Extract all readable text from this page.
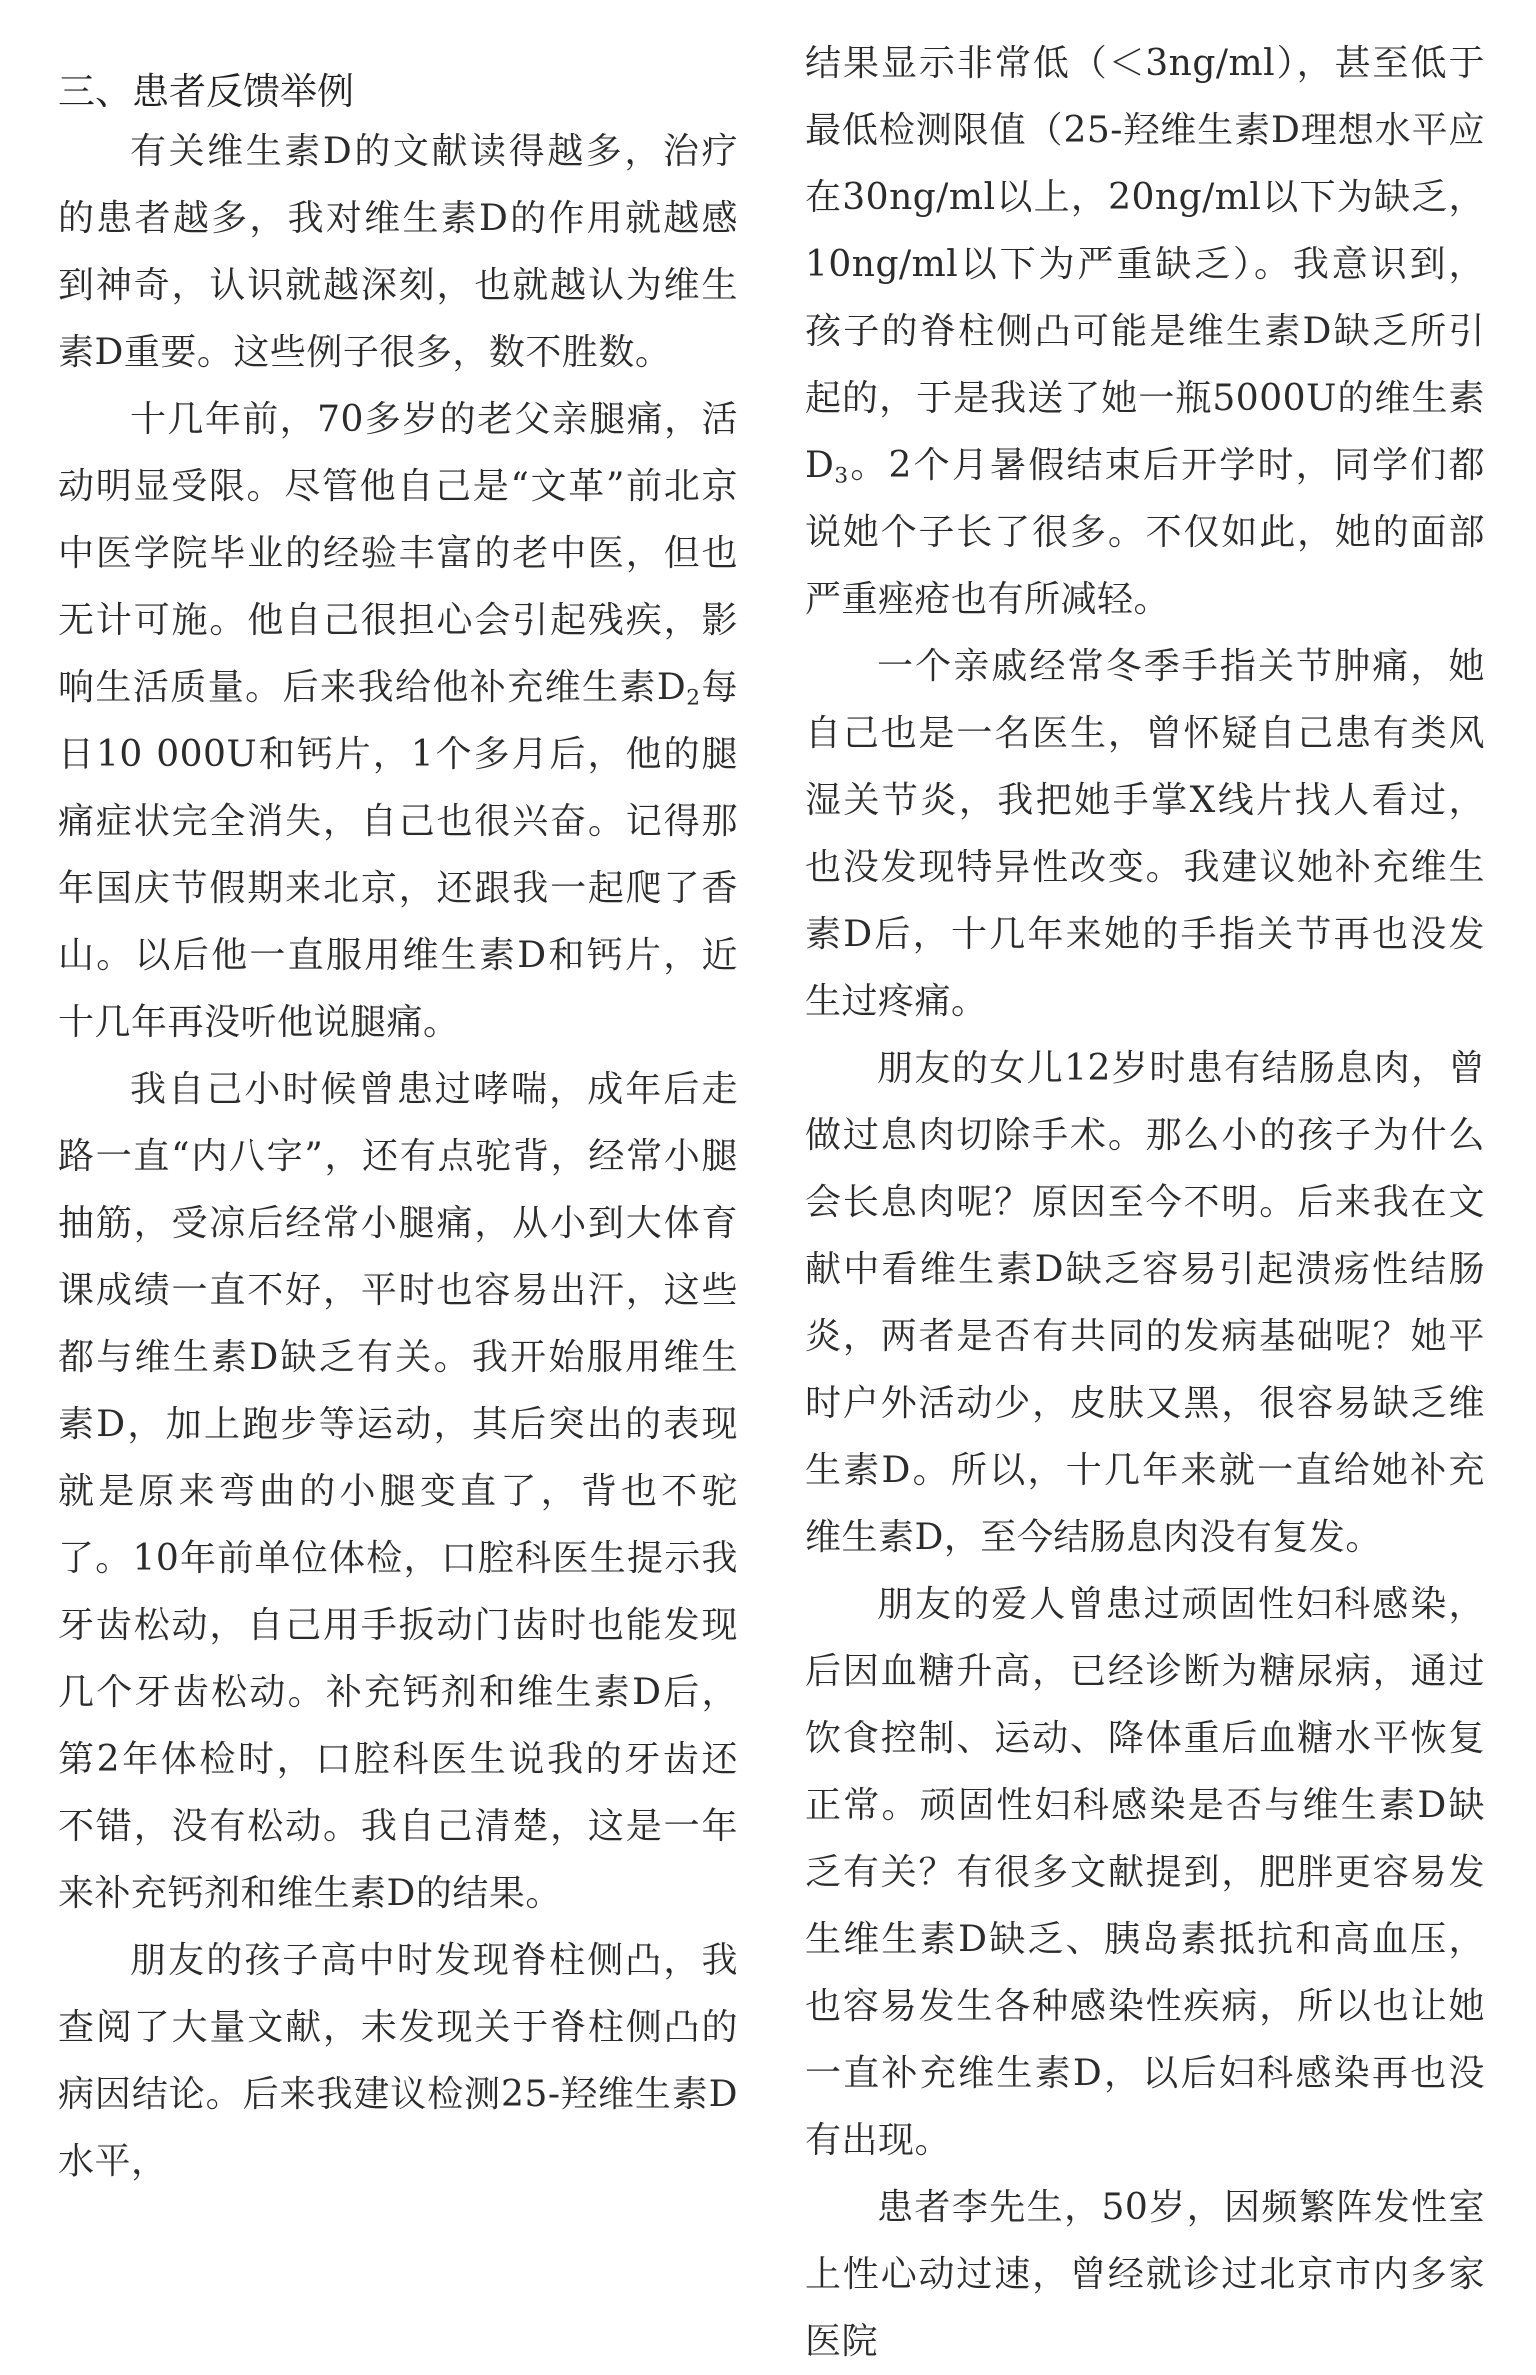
三、患者反馈举例

有关维生素D的文献读得越多，治疗的患者越多，我对维生素D的作用就越感到神奇，认识就越深刻，也就越认为维生素D重要。这些例子很多，数不胜数。

十几年前，70多岁的老父亲腿痛，活动明显受限。尽管他自己是“文革”前北京中医学院毕业的经验丰富的老中医，但也无计可施。他自己很担心会引起残疾，影响生活质量。后来我给他补充维生素$D_2$每日10 000U和钙片，1个多月后，他的腿痛症状完全消失，自己也很兴奋。记得那年国庆节假期来北京，还跟我一起爬了香山。以后他一直服用维生素D和钙片，近十几年再没听他说腿痛。

我自己小时候曾患过哮喘，成年后走路一直“内八字”，还有点驼背，经常小腿抽筋，受凉后经常小腿痛，从小到大体育课成绩一直不好，平时也容易出汗，这些都与维生素D缺乏有关。我开始服用维生素D，加上跑步等运动，其后突出的表现就是原来弯曲的小腿变直了，背也不驼了。10年前单位体检，口腔科医生提示我牙齿松动，自己用手扳动门齿时也能发现几个牙齿松动。补充钙剂和维生素D后，第2年体检时，口腔科医生说我的牙齿还不错，没有松动。我自己清楚，这是一年来补充钙剂和维生素D的结果。

朋友的孩子高中时发现脊柱侧凸，我查阅了大量文献，未发现关于脊柱侧凸的病因结论。后来我建议检测25-羟维生素D水平，

结果显示非常低（＜3ng/ml），甚至低于最低检测限值（25-羟维生素D理想水平应在30ng/ml以上，20ng/ml以下为缺乏，10ng/ml以下为严重缺乏）。我意识到，孩子的脊柱侧凸可能是维生素D缺乏所引起的，于是我送了她一瓶5000U的维生素$D_3$。2个月暑假结束后开学时，同学们都说她个子长了很多。不仅如此，她的面部严重痤疮也有所减轻。

一个亲戚经常冬季手指关节肿痛，她自己也是一名医生，曾怀疑自己患有类风湿关节炎，我把她手掌X线片找人看过，也没发现特异性改变。我建议她补充维生素D后，十几年来她的手指关节再也没发生过疼痛。

朋友的女儿12岁时患有结肠息肉，曾做过息肉切除手术。那么小的孩子为什么会长息肉呢？原因至今不明。后来我在文献中看维生素D缺乏容易引起溃疡性结肠炎，两者是否有共同的发病基础呢？她平时户外活动少，皮肤又黑，很容易缺乏维生素D。所以，十几年来就一直给她补充维生素D，至今结肠息肉没有复发。

朋友的爱人曾患过顽固性妇科感染，后因血糖升高，已经诊断为糖尿病，通过饮食控制、运动、降体重后血糖水平恢复正常。顽固性妇科感染是否与维生素D缺乏有关？有很多文献提到，肥胖更容易发生维生素D缺乏、胰岛素抵抗和高血压，也容易发生各种感染性疾病，所以也让她一直补充维生素D，以后妇科感染再也没有出现。

患者李先生，50岁，因频繁阵发性室上性心动过速，曾经就诊过北京市内多家医院
